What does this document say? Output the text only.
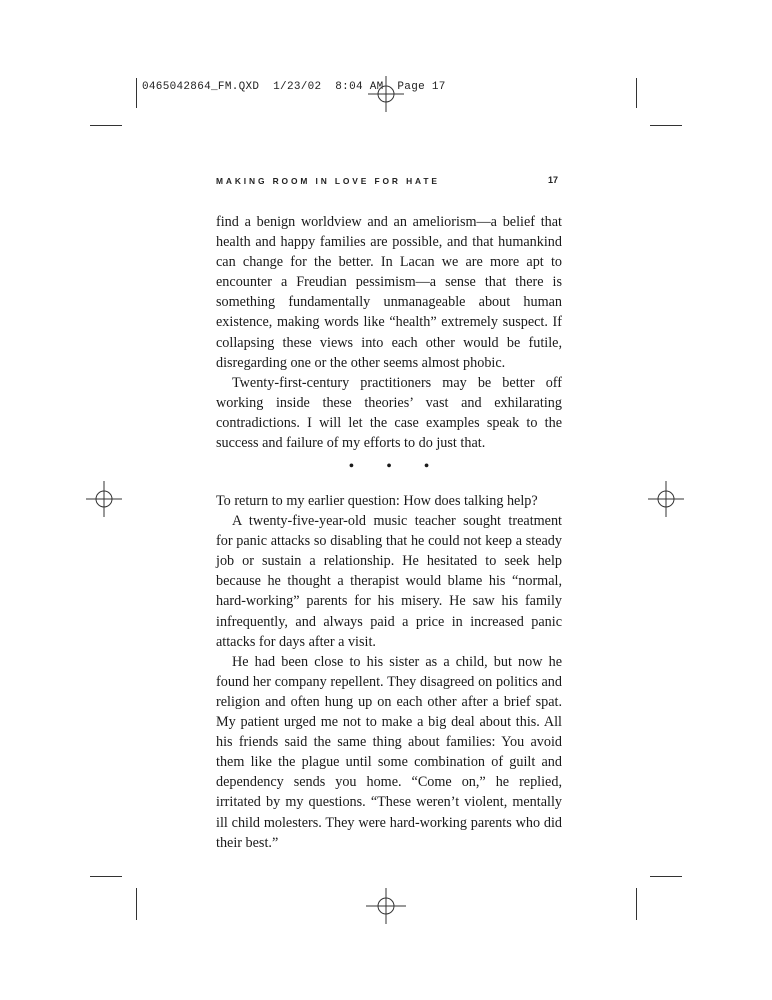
0465042864_FM.QXD 1/23/02 8:04 AM Page 17
MAKING ROOM IN LOVE FOR HATE	17

find a benign worldview and an ameliorism—a belief that health and happy families are possible, and that humankind can change for the better. In Lacan we are more apt to encounter a Freudian pessimism—a sense that there is something fundamentally unmanageable about human existence, making words like “health” extremely suspect. If collapsing these views into each other would be futile, disregarding one or the other seems almost phobic.

Twenty-first-century practitioners may be better off working inside these theories’ vast and exhilarating contradictions. I will let the case examples speak to the success and failure of my efforts to do just that.

• • •

To return to my earlier question: How does talking help?

A twenty-five-year-old music teacher sought treatment for panic attacks so disabling that he could not keep a steady job or sustain a relationship. He hesitated to seek help because he thought a therapist would blame his “normal, hard-working” parents for his misery. He saw his family infrequently, and always paid a price in increased panic attacks for days after a visit.

He had been close to his sister as a child, but now he found her company repellent. They disagreed on politics and religion and often hung up on each other after a brief spat. My patient urged me not to make a big deal about this. All his friends said the same thing about families: You avoid them like the plague until some combination of guilt and dependency sends you home. “Come on,” he replied, irritated by my questions. “These weren’t violent, mentally ill child molesters. They were hard-working parents who did their best.”
